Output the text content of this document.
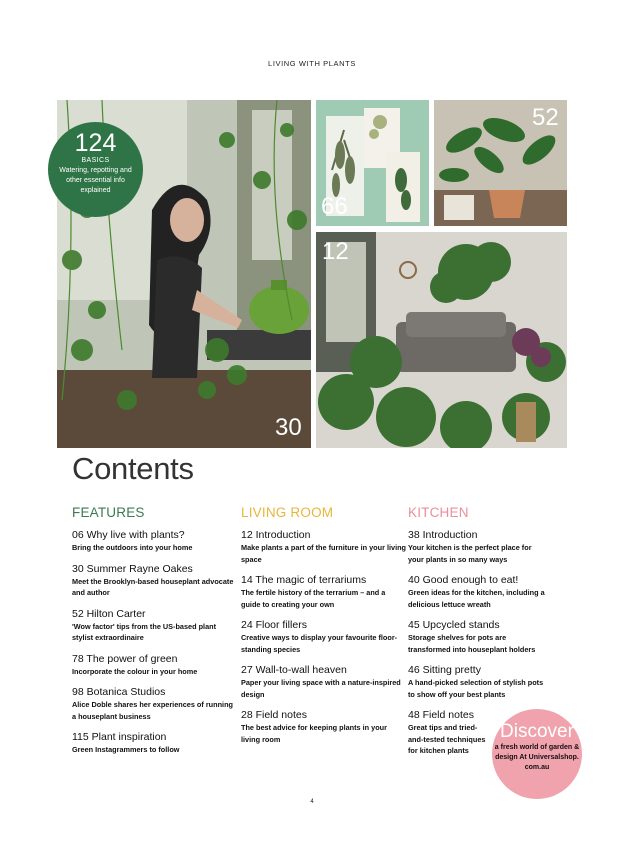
LIVING WITH PLANTS
30
124
BASICS
Watering, repotting and other essential info explained
66
52
12
Contents
FEATURES
06 Why live with plants?
Bring the outdoors into your home
30 Summer Rayne Oakes
Meet the Brooklyn-based houseplant advocate and author
52 Hilton Carter
'Wow factor' tips from the US-based plant stylist extraordinaire
78 The power of green
Incorporate the colour in your home
98 Botanica Studios
Alice Doble shares her experiences of running a houseplant business
115 Plant inspiration
Green Instagrammers to follow
LIVING ROOM
12 Introduction
Make plants a part of the furniture in your living space
14 The magic of terrariums
The fertile history of the terrarium – and a guide to creating your own
24 Floor fillers
Creative ways to display your favourite floor-standing species
27 Wall-to-wall heaven
Paper your living space with a nature-inspired design
28 Field notes
The best advice for keeping plants in your living room
KITCHEN
38 Introduction
Your kitchen is the perfect place for your plants in so many ways
40 Good enough to eat!
Green ideas for the kitchen, including a delicious lettuce wreath
45 Upcycled stands
Storage shelves for pots are transformed into houseplant holders
46 Sitting pretty
A hand-picked selection of stylish pots to show off your best plants
48 Field notes
Great tips and tried-and-tested techniques for kitchen plants
Discover
a fresh world of garden & design At Universalshop. com.au
4
